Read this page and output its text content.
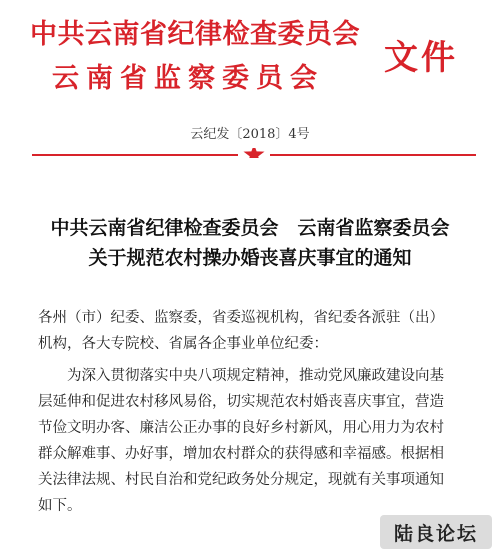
中共云南省纪律检查委员会
云南省监察委员会
文件
云纪发〔2018〕4号
中共云南省纪律检查委员会　云南省监察委员会
关于规范农村操办婚丧喜庆事宜的通知
各州（市）纪委、监察委，省委巡视机构，省纪委各派驻（出）
机构，各大专院校、省属各企事业单位纪委：
　　为深入贯彻落实中央八项规定精神，推动党风廉政建设向基
层延伸和促进农村移风易俗，切实规范农村婚丧喜庆事宜，营造
节俭文明办客、廉洁公正办事的良好乡村新风，用心用力为农村
群众解难事、办好事，增加农村群众的获得感和幸福感。根据相
关法律法规、村民自治和党纪政务处分规定，现就有关事项通知
如下。
陆良论坛
